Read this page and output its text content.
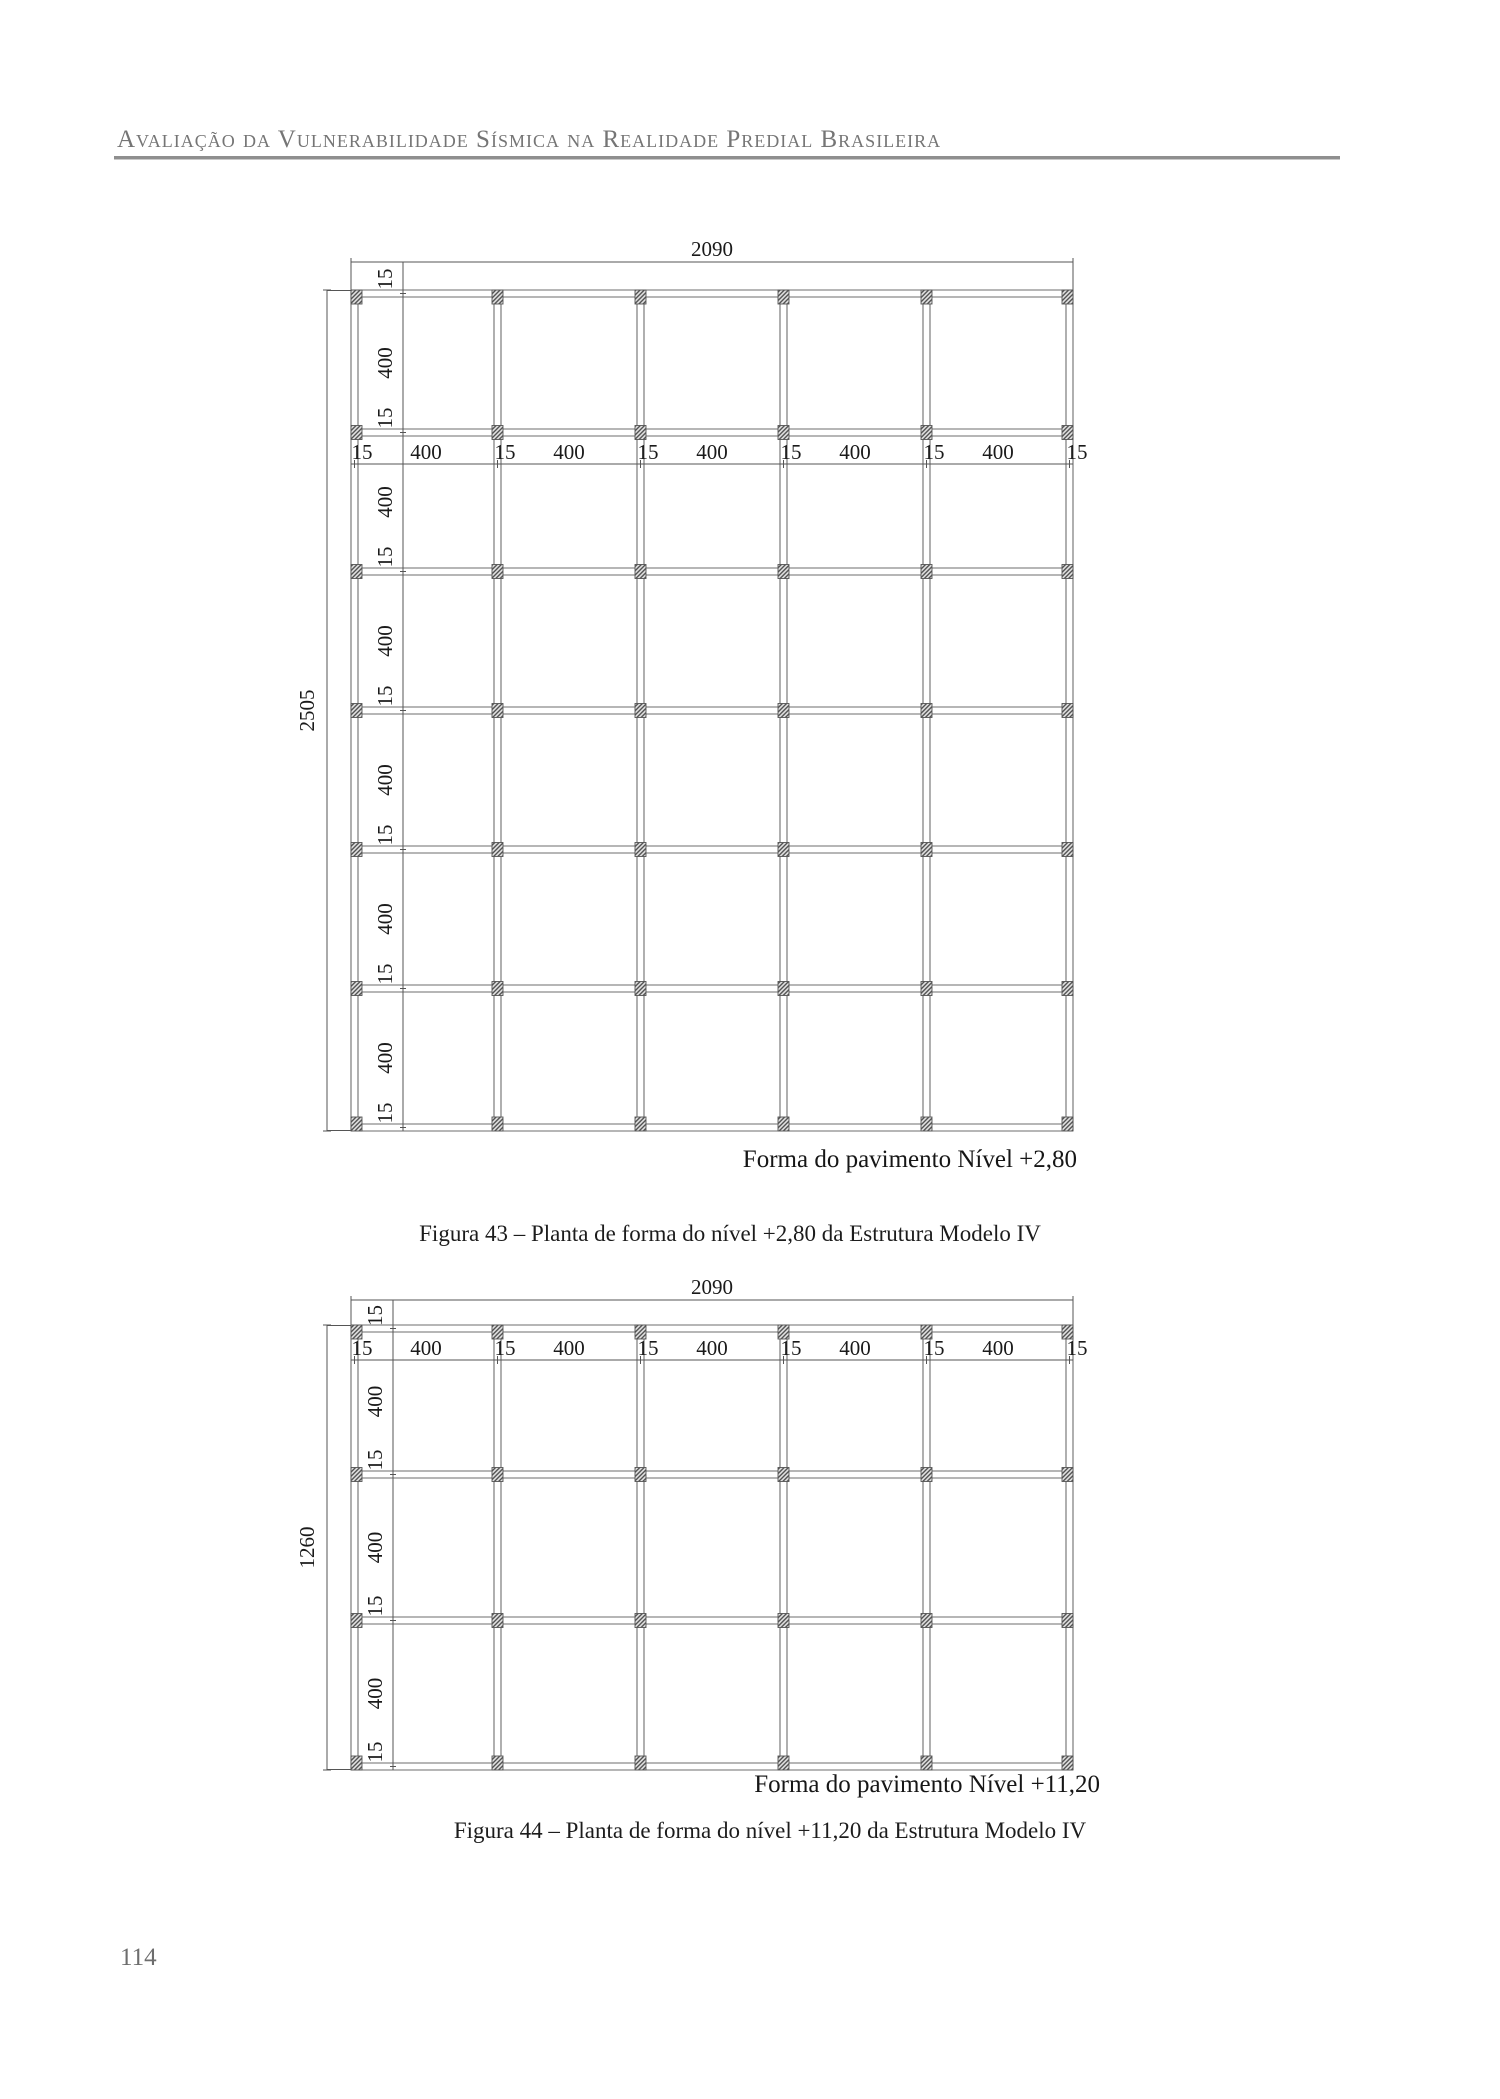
Avaliação da Vulnerabilidade Sísmica na Realidade Predial Brasileira
2090
2505
15
400
15
400
15
400
15
400
15
400
15
400
15
15 400	15 400	15 400	15 400	15 400	15
Forma do pavimento Nível +2,80
Figura 43 – Planta de forma do nível +2,80 da Estrutura Modelo IV
2090
1260
15
400
15
400
15
400
15
15 400	15 400	15 400	15 400	15 400	15
Forma do pavimento Nível +11,20
Figura 44 – Planta de forma do nível +11,20 da Estrutura Modelo IV
114
